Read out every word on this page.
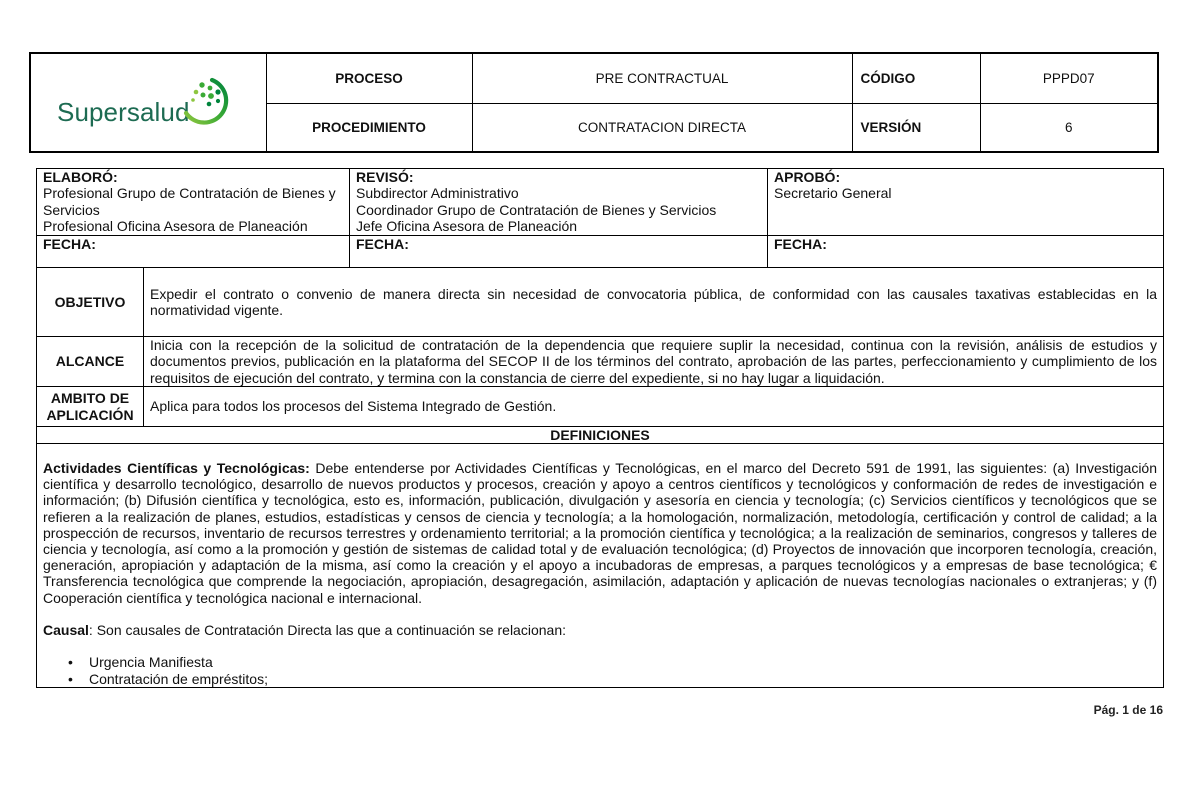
	PROCESO	PRE CONTRACTUAL	CÓDIGO	PPPD07
	PROCEDIMIENTO	CONTRATACION DIRECTA	VERSIÓN	6
Supersalud
ELABORÓ:
Profesional Grupo de Contratación de Bienes y Servicios
Profesional Oficina Asesora de Planeación
REVISÓ:
Subdirector Administrativo
Coordinador Grupo de Contratación de Bienes y Servicios
Jefe Oficina Asesora de Planeación
APROBÓ:
Secretario General
FECHA:	FECHA:	FECHA:
OBJETIVO
Expedir el contrato o convenio de manera directa sin necesidad de convocatoria pública, de conformidad con las causales taxativas establecidas en la normatividad vigente.
ALCANCE
Inicia con la recepción de la solicitud de contratación de la dependencia que requiere suplir la necesidad, continua con la revisión, análisis de estudios y documentos previos, publicación en la plataforma del SECOP II de los términos del contrato, aprobación de las partes, perfeccionamiento y cumplimiento de los requisitos de ejecución del contrato, y termina con la constancia de cierre del expediente, si no hay lugar a liquidación.
AMBITO DE APLICACIÓN
Aplica para todos los procesos del Sistema Integrado de Gestión.
DEFINICIONES

Actividades Científicas y Tecnológicas: Debe entenderse por Actividades Científicas y Tecnológicas, en el marco del Decreto 591 de 1991, las siguientes: (a) Investigación científica y desarrollo tecnológico, desarrollo de nuevos productos y procesos, creación y apoyo a centros científicos y tecnológicos y conformación de redes de investigación e información; (b) Difusión científica y tecnológica, esto es, información, publicación, divulgación y asesoría en ciencia y tecnología; (c) Servicios científicos y tecnológicos que se refieren a la realización de planes, estudios, estadísticas y censos de ciencia y tecnología; a la homologación, normalización, metodología, certificación y control de calidad; a la prospección de recursos, inventario de recursos terrestres y ordenamiento territorial; a la promoción científica y tecnológica; a la realización de seminarios, congresos y talleres de ciencia y tecnología, así como a la promoción y gestión de sistemas de calidad total y de evaluación tecnológica; (d) Proyectos de innovación que incorporen tecnología, creación, generación, apropiación y adaptación de la misma, así como la creación y el apoyo a incubadoras de empresas, a parques tecnológicos y a empresas de base tecnológica; € Transferencia tecnológica que comprende la negociación, apropiación, desagregación, asimilación, adaptación y aplicación de nuevas tecnologías nacionales o extranjeras; y (f) Cooperación científica y tecnológica nacional e internacional.

Causal: Son causales de Contratación Directa las que a continuación se relacionan:

• Urgencia Manifiesta
• Contratación de empréstitos;
Pág. 1 de 16
